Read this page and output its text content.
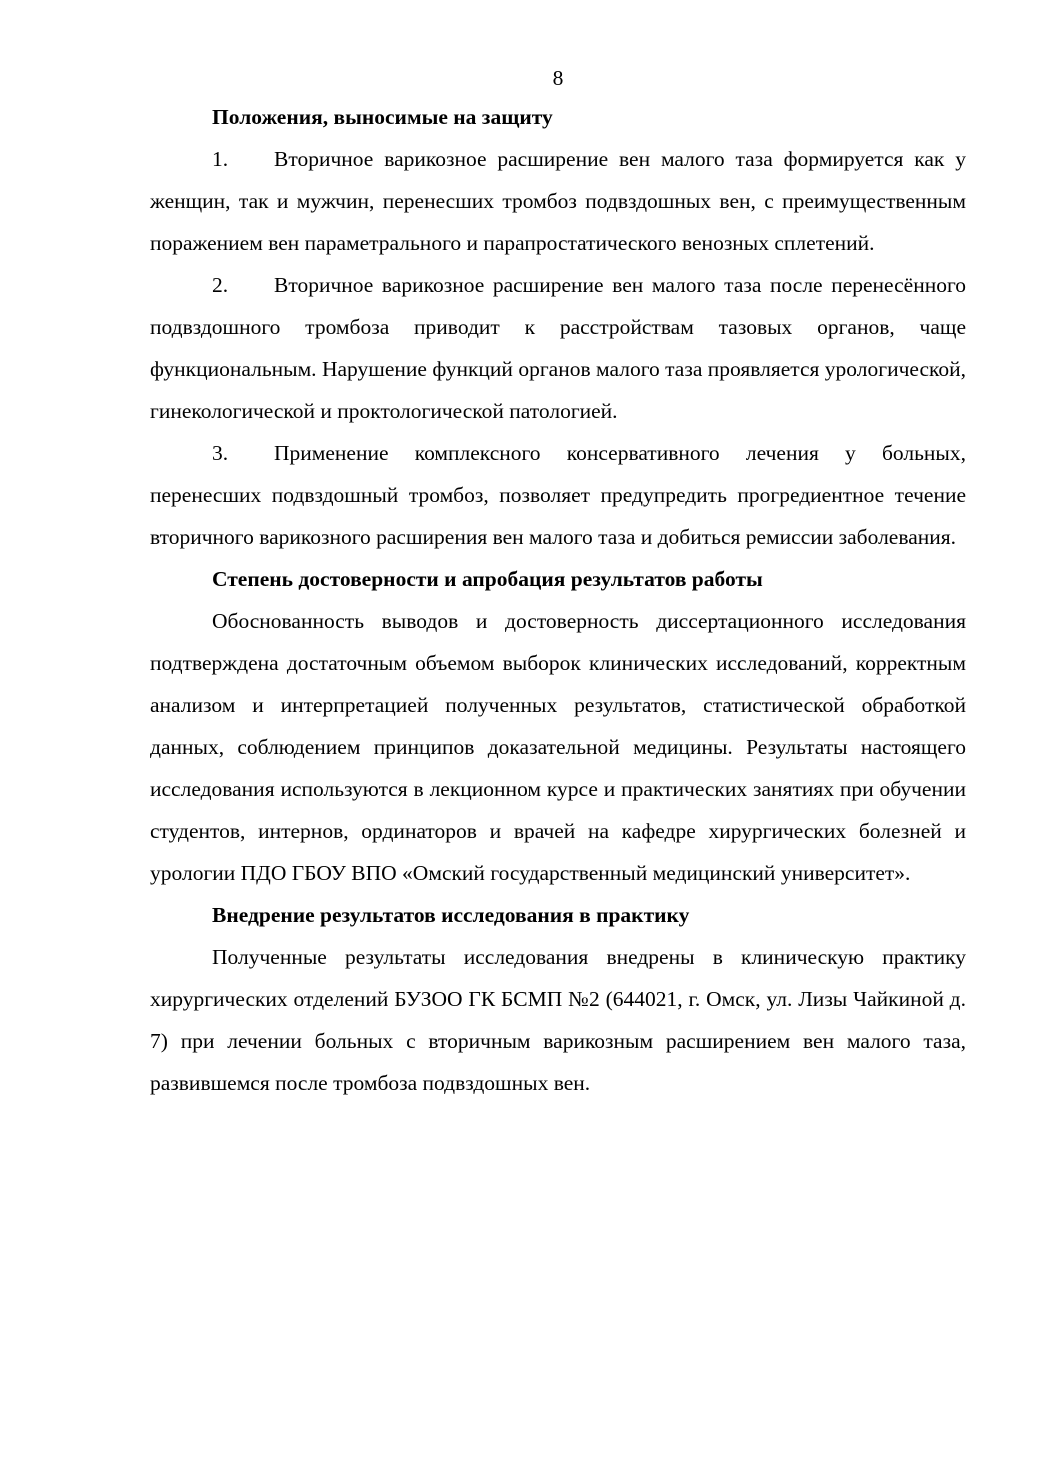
8
Положения, выносимые на защиту

1. Вторичное варикозное расширение вен малого таза формируется как у женщин, так и мужчин, перенесших тромбоз подвздошных вен, с преимущественным поражением вен параметрального и парапростатического венозных сплетений.

2. Вторичное варикозное расширение вен малого таза после перенесённого подвздошного тромбоза приводит к расстройствам тазовых органов, чаще функциональным. Нарушение функций органов малого таза проявляется урологической, гинекологической и проктологической патологией.

3. Применение комплексного консервативного лечения у больных, перенесших подвздошный тромбоз, позволяет предупредить прогредиентное течение вторичного варикозного расширения вен малого таза и добиться ремиссии заболевания.

Степень достоверности и апробация результатов работы

Обоснованность выводов и достоверность диссертационного исследования подтверждена достаточным объемом выборок клинических исследований, корректным анализом и интерпретацией полученных результатов, статистической обработкой данных, соблюдением принципов доказательной медицины. Результаты настоящего исследования используются в лекционном курсе и практических занятиях при обучении студентов, интернов, ординаторов и врачей на кафедре хирургических болезней и урологии ПДО ГБОУ ВПО «Омский государственный медицинский университет».

Внедрение результатов исследования в практику

Полученные результаты исследования внедрены в клиническую практику хирургических отделений БУЗОО ГК БСМП №2 (644021, г. Омск, ул. Лизы Чайкиной д. 7) при лечении больных с вторичным варикозным расширением вен малого таза, развившемся после тромбоза подвздошных вен.
